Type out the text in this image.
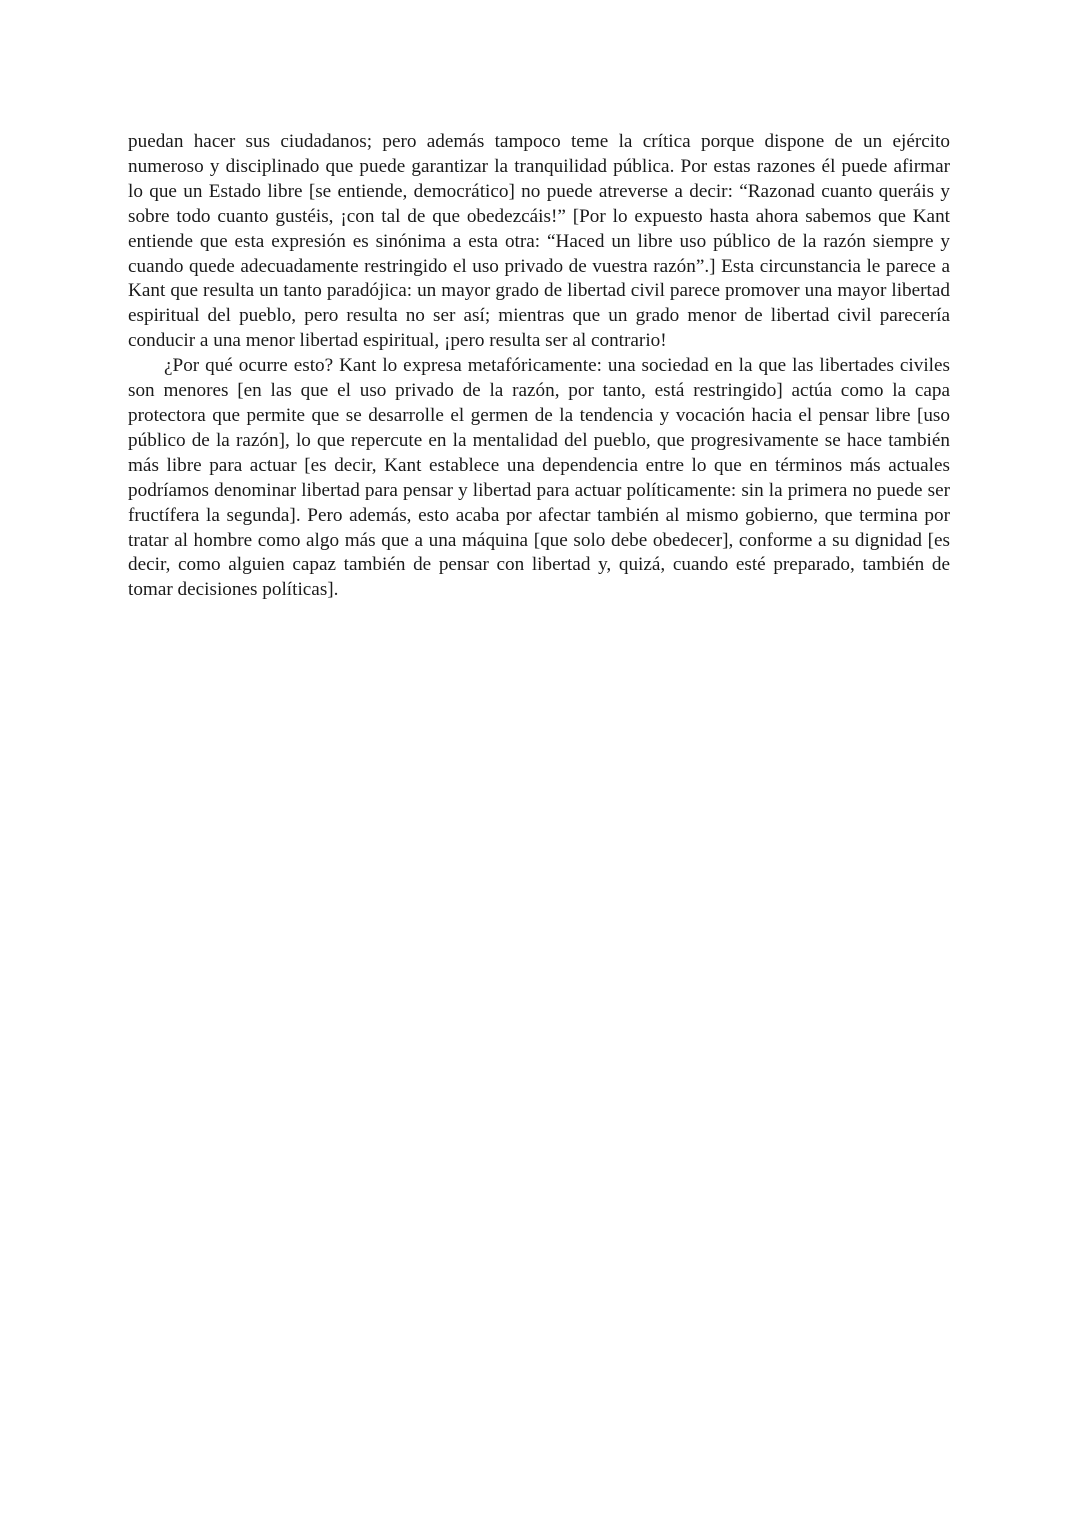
puedan hacer sus ciudadanos; pero además tampoco teme la crítica porque dispone de un ejército numeroso y disciplinado que puede garantizar la tranquilidad pública. Por estas razones él puede afirmar lo que un Estado libre [se entiende, democrático] no puede atreverse a decir: “Razonad cuanto queráis y sobre todo cuanto gustéis, ¡con tal de que obedezcáis!” [Por lo expuesto hasta ahora sabemos que Kant entiende que esta expresión es sinónima a esta otra: “Haced un libre uso público de la razón siempre y cuando quede adecuadamente restringido el uso privado de vuestra razón”.] Esta circunstancia le parece a Kant que resulta un tanto paradójica: un mayor grado de libertad civil parece promover una mayor libertad espiritual del pueblo, pero resulta no ser así; mientras que un grado menor de libertad civil parecería conducir a una menor libertad espiritual, ¡pero resulta ser al contrario!

¿Por qué ocurre esto? Kant lo expresa metafóricamente: una sociedad en la que las libertades civiles son menores [en las que el uso privado de la razón, por tanto, está restringido] actúa como la capa protectora que permite que se desarrolle el germen de la tendencia y vocación hacia el pensar libre [uso público de la razón], lo que repercute en la mentalidad del pueblo, que progresivamente se hace también más libre para actuar [es decir, Kant establece una dependencia entre lo que en términos más actuales podríamos denominar libertad para pensar y libertad para actuar políticamente: sin la primera no puede ser fructífera la segunda]. Pero además, esto acaba por afectar también al mismo gobierno, que termina por tratar al hombre como algo más que a una máquina [que solo debe obedecer], conforme a su dignidad [es decir, como alguien capaz también de pensar con libertad y, quizá, cuando esté preparado, también de tomar decisiones políticas].
